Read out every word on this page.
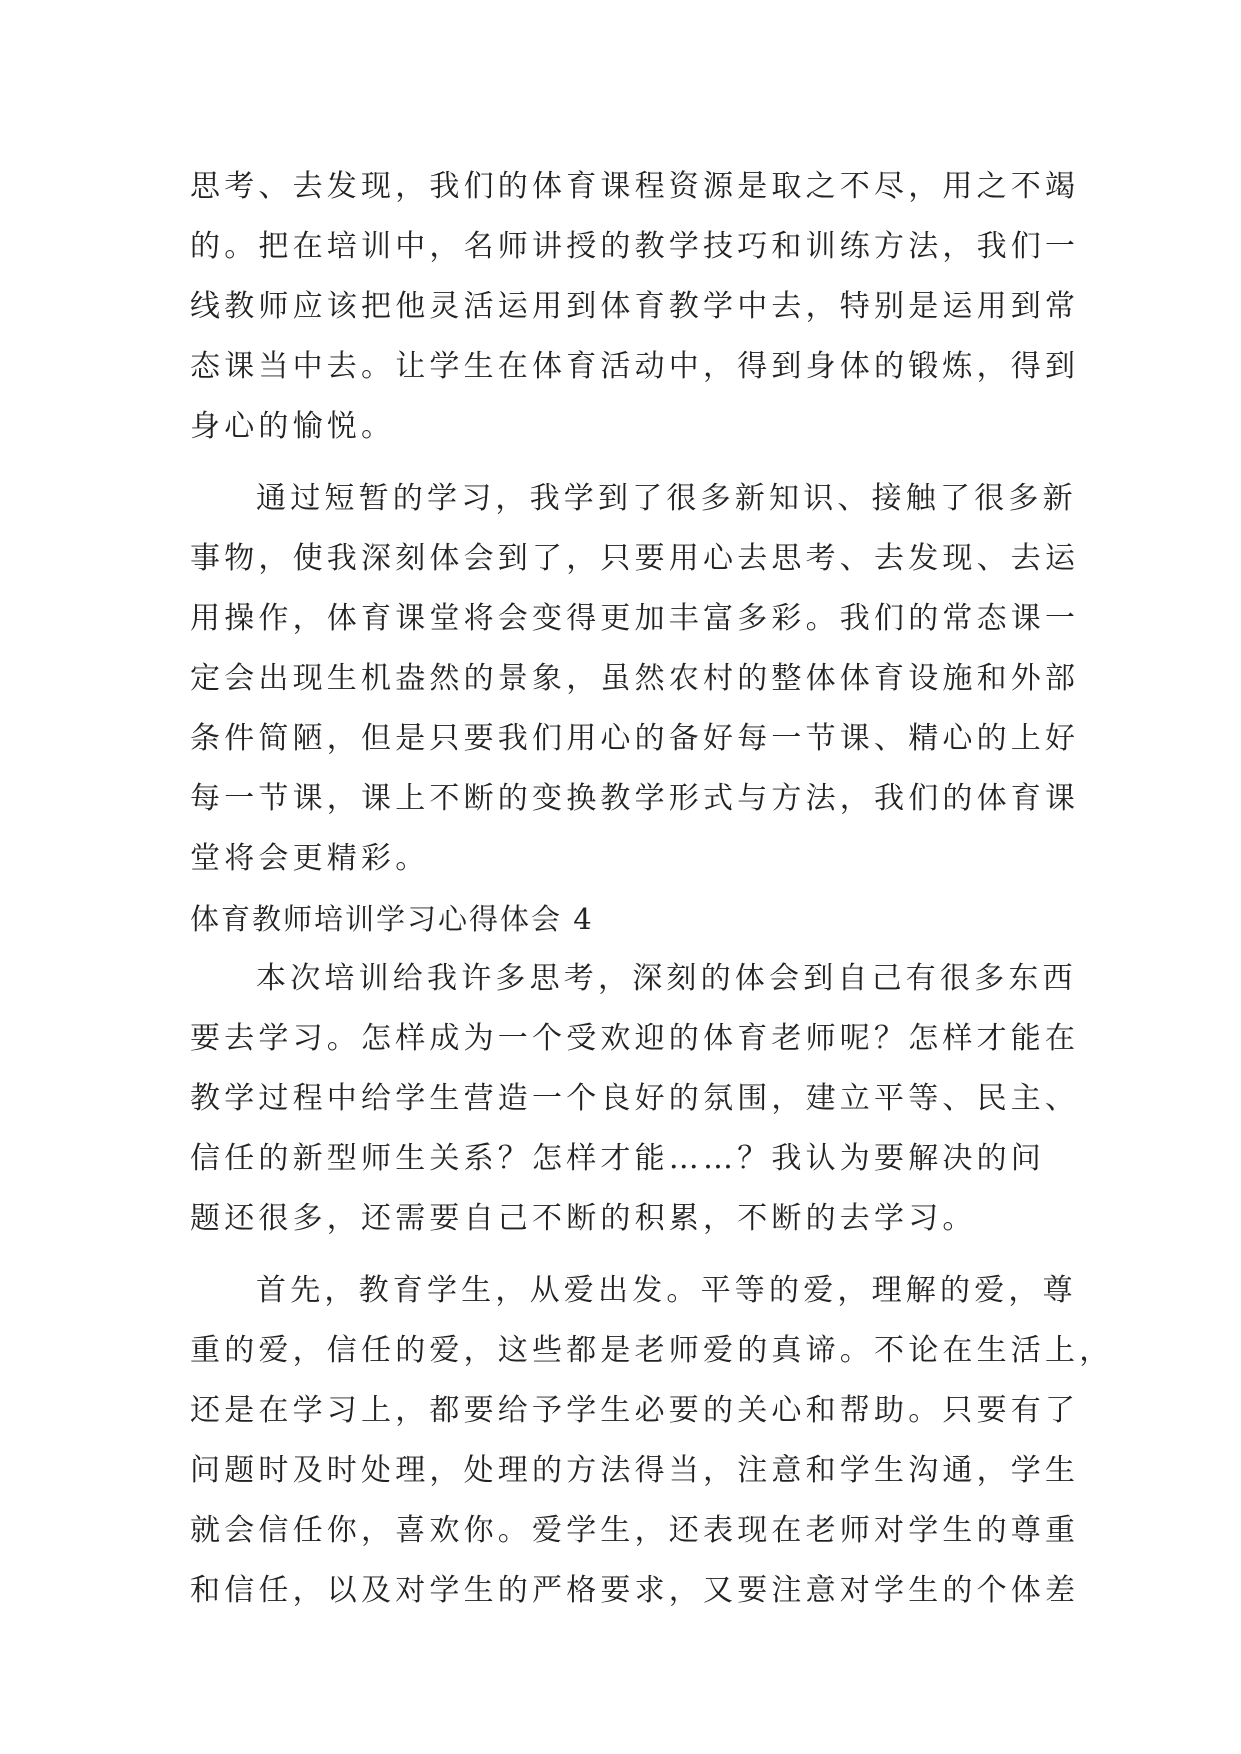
思考、去发现，我们的体育课程资源是取之不尽，用之不竭
的。把在培训中，名师讲授的教学技巧和训练方法，我们一
线教师应该把他灵活运用到体育教学中去，特别是运用到常
态课当中去。让学生在体育活动中，得到身体的锻炼，得到
身心的愉悦。
通过短暂的学习，我学到了很多新知识、接触了很多新
事物，使我深刻体会到了，只要用心去思考、去发现、去运
用操作，体育课堂将会变得更加丰富多彩。我们的常态课一
定会出现生机盎然的景象，虽然农村的整体体育设施和外部
条件简陋，但是只要我们用心的备好每一节课、精心的上好
每一节课，课上不断的变换教学形式与方法，我们的体育课
堂将会更精彩。
体育教师培训学习心得体会 4
本次培训给我许多思考，深刻的体会到自己有很多东西
要去学习。怎样成为一个受欢迎的体育老师呢？怎样才能在
教学过程中给学生营造一个良好的氛围，建立平等、民主、
信任的新型师生关系？怎样才能……？我认为要解决的问
题还很多，还需要自己不断的积累，不断的去学习。
首先，教育学生，从爱出发。平等的爱，理解的爱，尊
重的爱，信任的爱，这些都是老师爱的真谛。不论在生活上，
还是在学习上，都要给予学生必要的关心和帮助。只要有了
问题时及时处理，处理的方法得当，注意和学生沟通，学生
就会信任你，喜欢你。爱学生，还表现在老师对学生的尊重
和信任，以及对学生的严格要求，又要注意对学生的个体差
